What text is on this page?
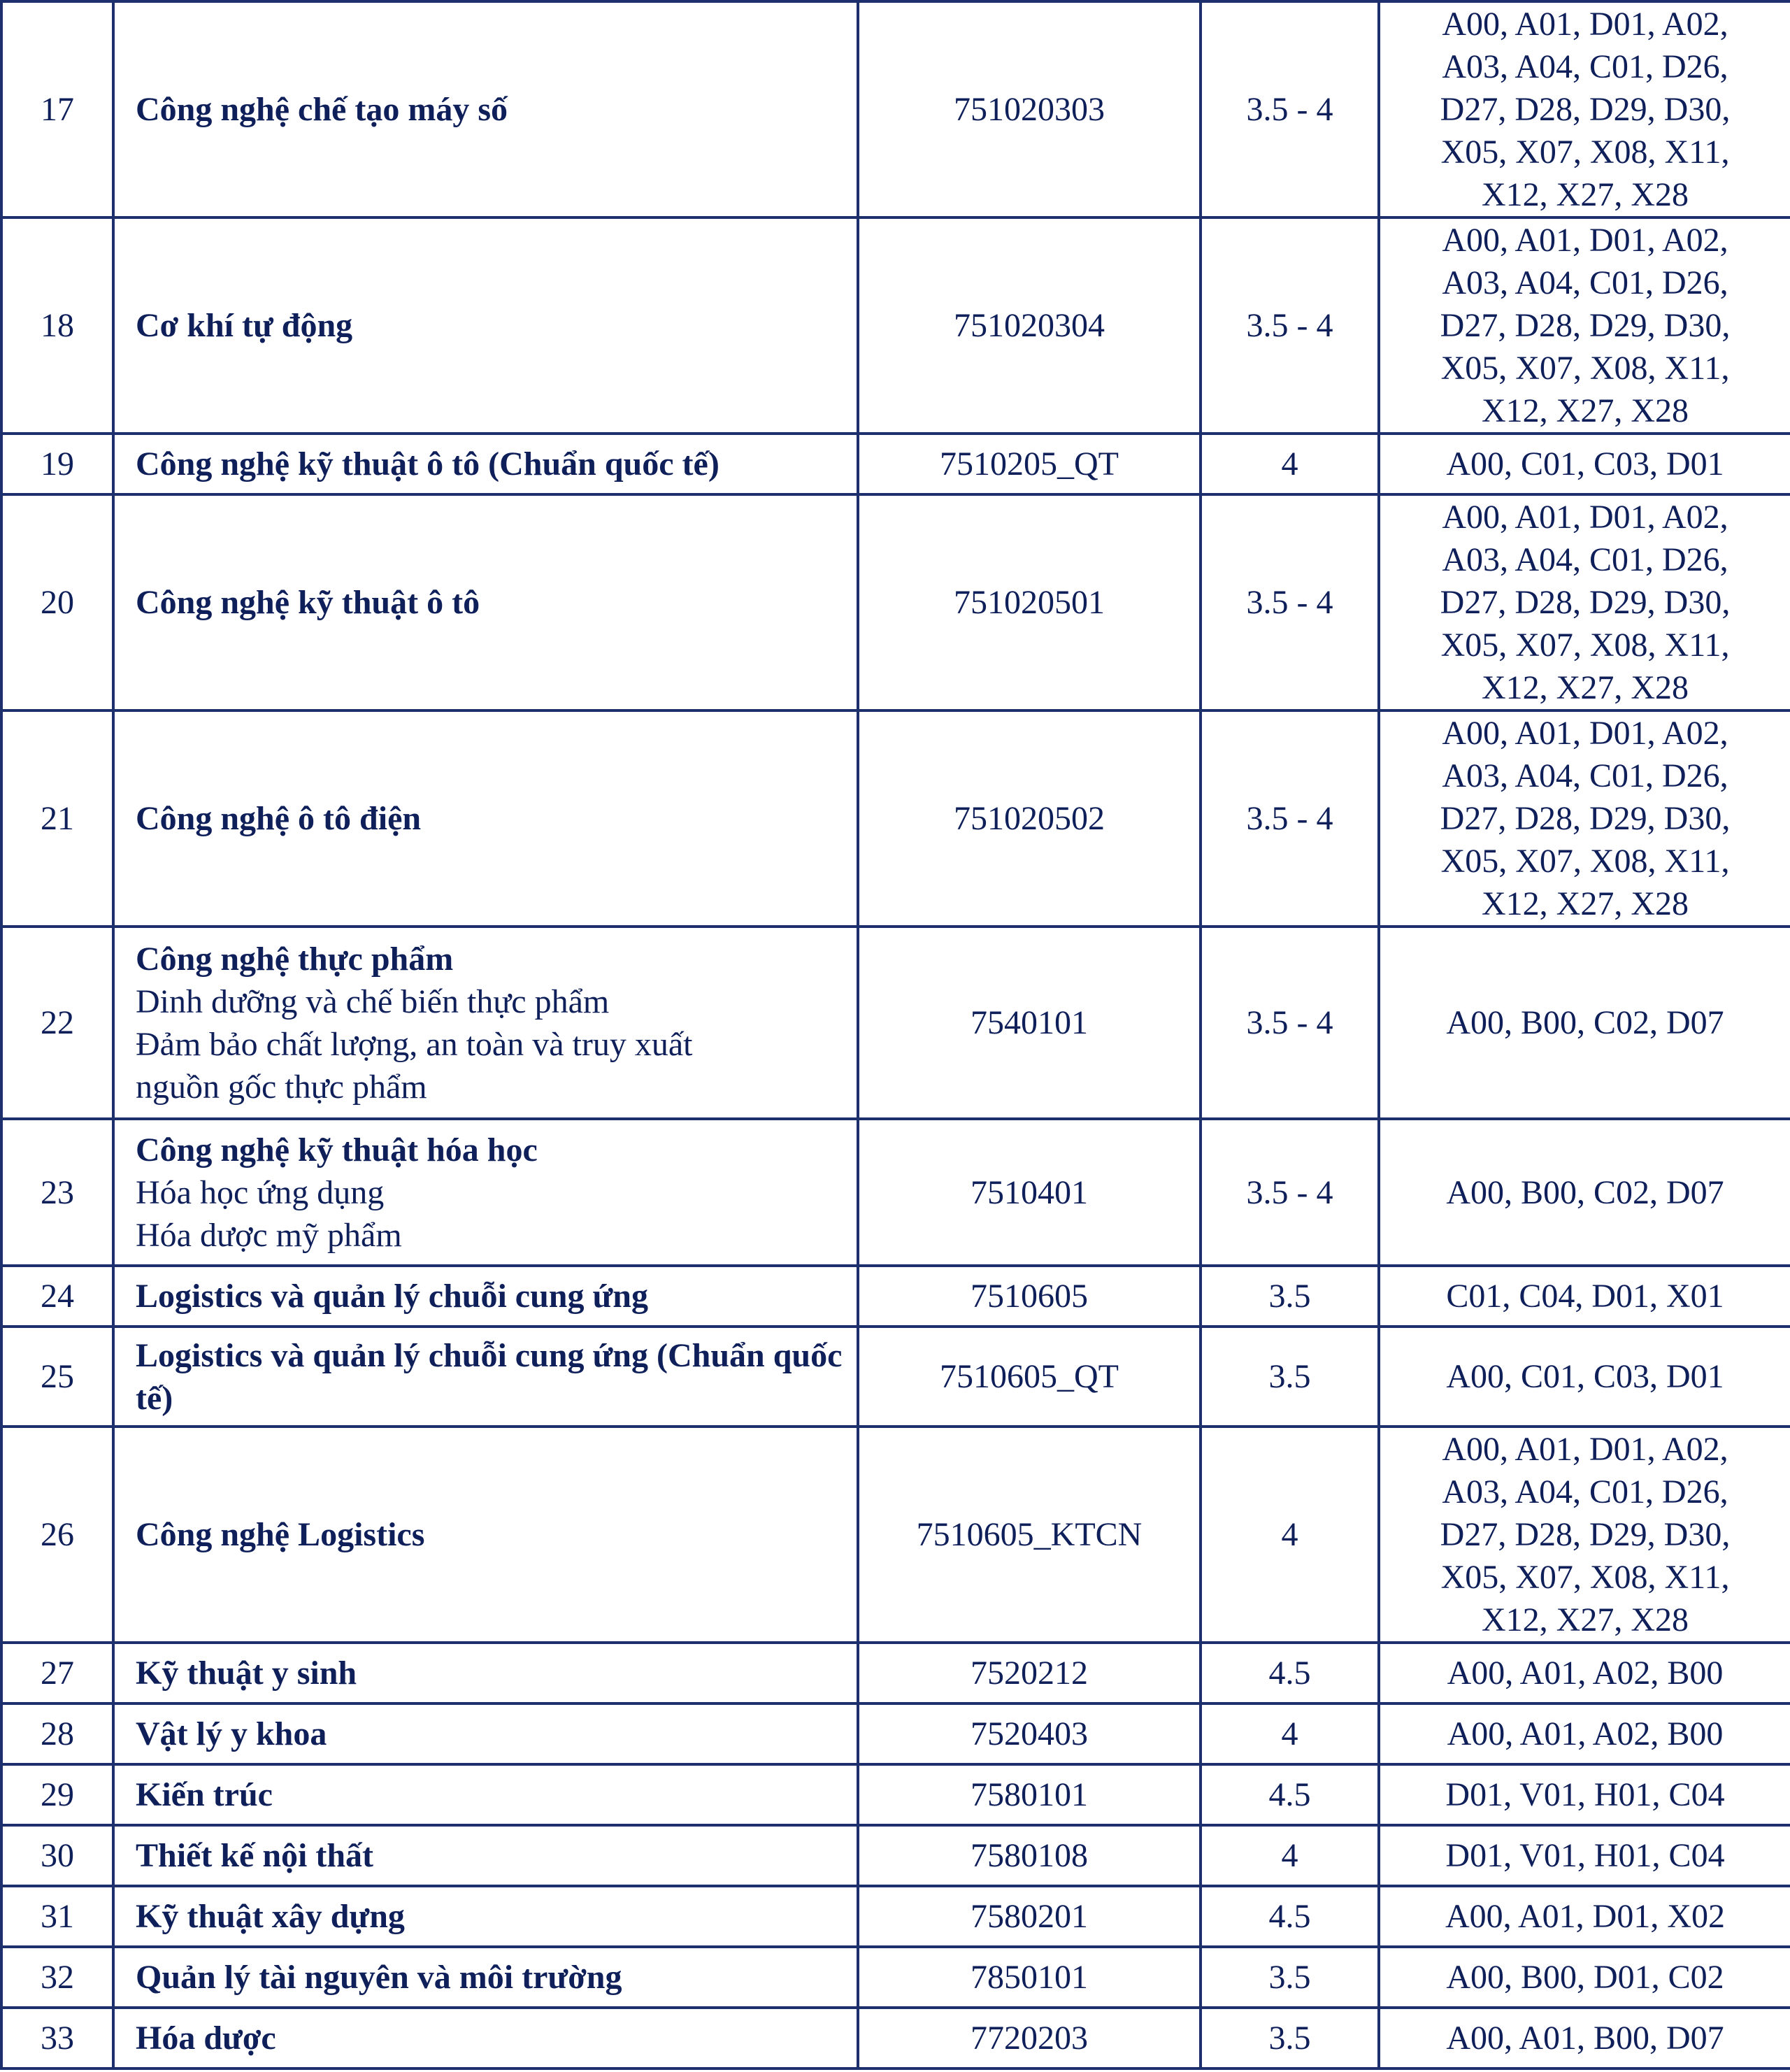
17	Công nghệ chế tạo máy số	751020303	3.5 - 4	A00, A01, D01, A02,
A03, A04, C01, D26,
D27, D28, D29, D30,
X05, X07, X08, X11,
X12, X27, X28

18	Cơ khí tự động	751020304	3.5 - 4	A00, A01, D01, A02,
A03, A04, C01, D26,
D27, D28, D29, D30,
X05, X07, X08, X11,
X12, X27, X28

19	Công nghệ kỹ thuật ô tô (Chuẩn quốc tế)	7510205_QT	4	A00, C01, C03, D01

20	Công nghệ kỹ thuật ô tô	751020501	3.5 - 4	A00, A01, D01, A02,
A03, A04, C01, D26,
D27, D28, D29, D30,
X05, X07, X08, X11,
X12, X27, X28

21	Công nghệ ô tô điện	751020502	3.5 - 4	A00, A01, D01, A02,
A03, A04, C01, D26,
D27, D28, D29, D30,
X05, X07, X08, X11,
X12, X27, X28

22	Công nghệ thực phẩm
Dinh dưỡng và chế biến thực phẩm
Đảm bảo chất lượng, an toàn và truy xuất
nguồn gốc thực phẩm	7540101	3.5 - 4	A00, B00, C02, D07

23	Công nghệ kỹ thuật hóa học
Hóa học ứng dụng
Hóa dược mỹ phẩm	7510401	3.5 - 4	A00, B00, C02, D07

24	Logistics và quản lý chuỗi cung ứng	7510605	3.5	C01, C04, D01, X01

25	Logistics và quản lý chuỗi cung ứng (Chuẩn quốc tế)	7510605_QT	3.5	A00, C01, C03, D01

26	Công nghệ Logistics	7510605_KTCN	4	A00, A01, D01, A02,
A03, A04, C01, D26,
D27, D28, D29, D30,
X05, X07, X08, X11,
X12, X27, X28

27	Kỹ thuật y sinh	7520212	4.5	A00, A01, A02, B00

28	Vật lý y khoa	7520403	4	A00, A01, A02, B00

29	Kiến trúc	7580101	4.5	D01, V01, H01, C04

30	Thiết kế nội thất	7580108	4	D01, V01, H01, C04

31	Kỹ thuật xây dựng	7580201	4.5	A00, A01, D01, X02

32	Quản lý tài nguyên và môi trường	7850101	3.5	A00, B00, D01, C02

33	Hóa dược	7720203	3.5	A00, A01, B00, D07
